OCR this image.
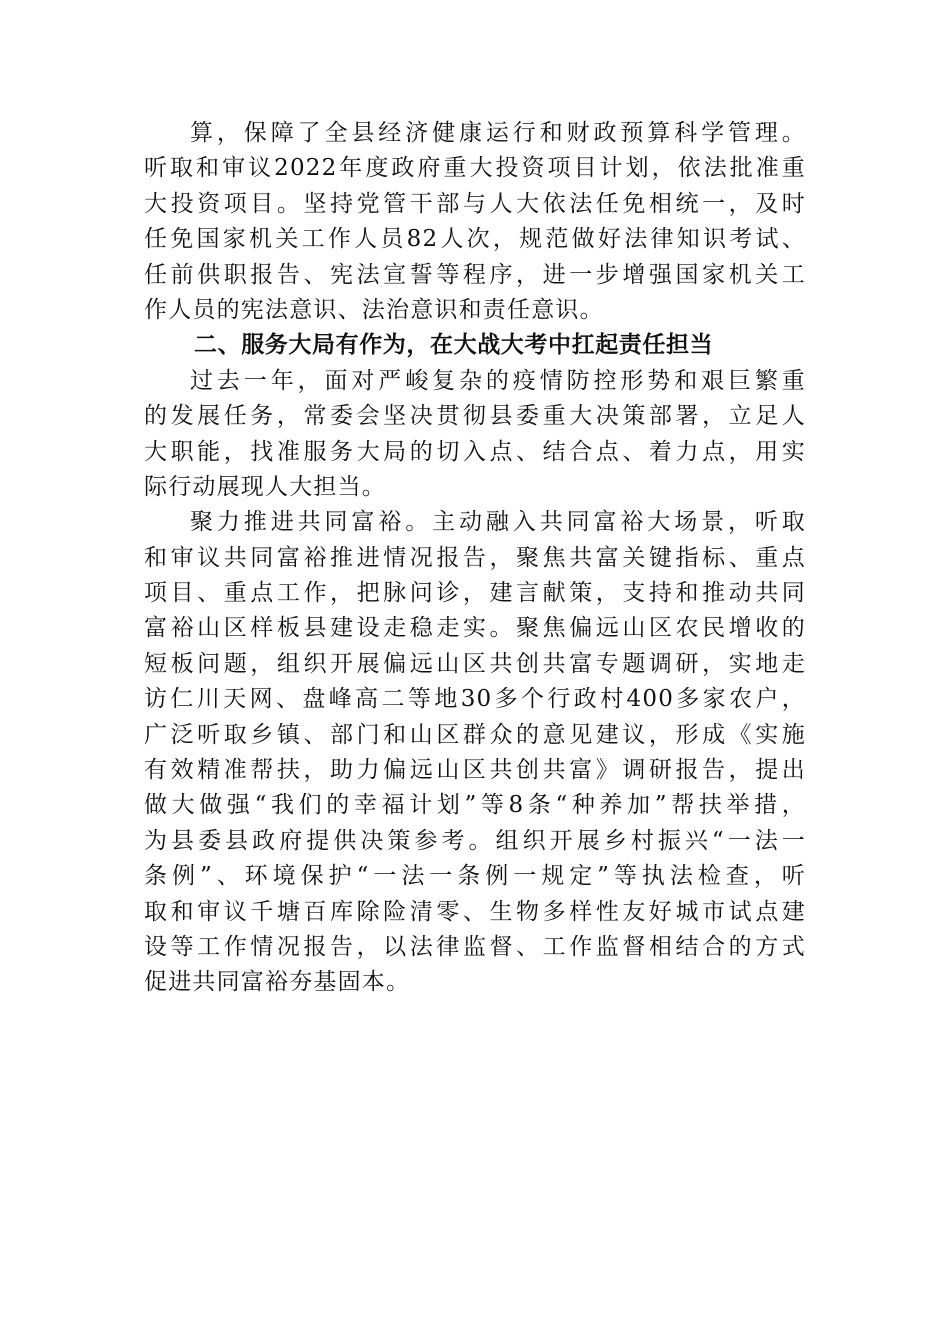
算，保障了全县经济健康运行和财政预算科学管理。
听取和审议2022年度政府重大投资项目计划，依法批准重
大投资项目。坚持党管干部与人大依法任免相统一，及时
任免国家机关工作人员82人次，规范做好法律知识考试、
任前供职报告、宪法宣誓等程序，进一步增强国家机关工
作人员的宪法意识、法治意识和责任意识。
二、服务大局有作为，在大战大考中扛起责任担当
过去一年，面对严峻复杂的疫情防控形势和艰巨繁重
的发展任务，常委会坚决贯彻县委重大决策部署，立足人
大职能，找准服务大局的切入点、结合点、着力点，用实
际行动展现人大担当。
聚力推进共同富裕。主动融入共同富裕大场景，听取
和审议共同富裕推进情况报告，聚焦共富关键指标、重点
项目、重点工作，把脉问诊，建言献策，支持和推动共同
富裕山区样板县建设走稳走实。聚焦偏远山区农民增收的
短板问题，组织开展偏远山区共创共富专题调研，实地走
访仁川天网、盘峰高二等地30多个行政村400多家农户，
广泛听取乡镇、部门和山区群众的意见建议，形成《实施
有效精准帮扶，助力偏远山区共创共富》调研报告，提出
做大做强“我们的幸福计划”等8条“种养加”帮扶举措，
为县委县政府提供决策参考。组织开展乡村振兴“一法一
条例”、环境保护“一法一条例一规定”等执法检查，听
取和审议千塘百库除险清零、生物多样性友好城市试点建
设等工作情况报告，以法律监督、工作监督相结合的方式
促进共同富裕夯基固本。
